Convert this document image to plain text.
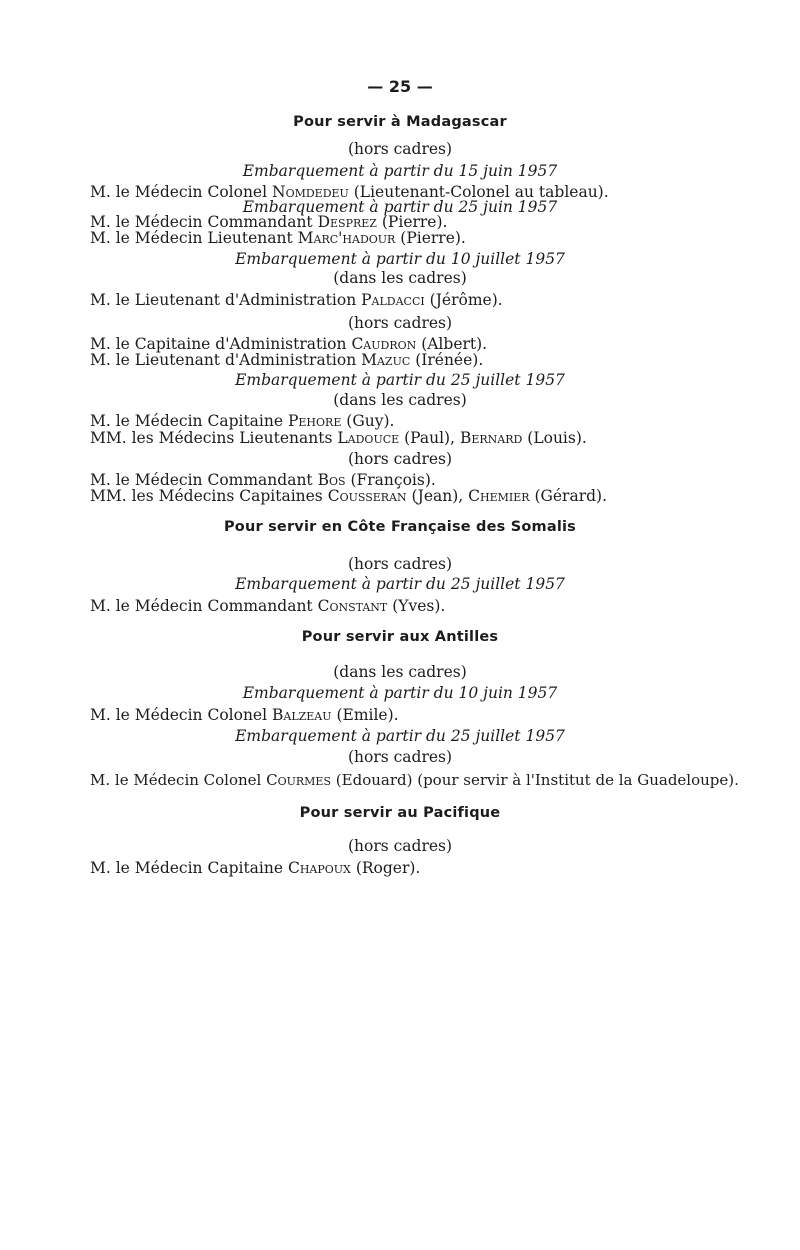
— 25 —
Pour servir à Madagascar
(hors cadres)
Embarquement à partir du 15 juin 1957
M. le Médecin Colonel Nomdedeu (Lieutenant-Colonel au tableau).
Embarquement à partir du 25 juin 1957
M. le Médecin Commandant Desprez (Pierre).
M. le Médecin Lieutenant Marc'hadour (Pierre).
Embarquement à partir du 10 juillet 1957
(dans les cadres)
M. le Lieutenant d'Administration Paldacci (Jérôme).
(hors cadres)
M. le Capitaine d'Administration Caudron (Albert).
M. le Lieutenant d'Administration Mazuc (Irénée).
Embarquement à partir du 25 juillet 1957
(dans les cadres)
M. le Médecin Capitaine Pehore (Guy).
MM. les Médecins Lieutenants Ladouce (Paul), Bernard (Louis).
(hors cadres)
M. le Médecin Commandant Bos (François).
MM. les Médecins Capitaines Cousseran (Jean), Chemier (Gérard).
Pour servir en Côte Française des Somalis
(hors cadres)
Embarquement à partir du 25 juillet 1957
M. le Médecin Commandant Constant (Yves).
Pour servir aux Antilles
(dans les cadres)
Embarquement à partir du 10 juin 1957
M. le Médecin Colonel Balzeau (Emile).
Embarquement à partir du 25 juillet 1957
(hors cadres)
M. le Médecin Colonel Courmes (Edouard) (pour servir à l'Institut de la Guadeloupe).
Pour servir au Pacifique
(hors cadres)
M. le Médecin Capitaine Chapoux (Roger).
